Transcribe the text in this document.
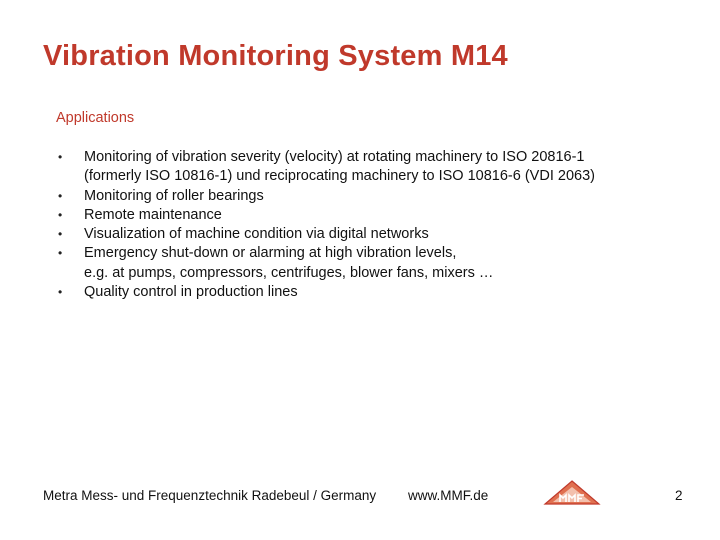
Vibration Monitoring System M14
Applications
• Monitoring of vibration severity (velocity) at rotating machinery to ISO 20816-1
(formerly ISO 10816-1) und reciprocating machinery to ISO 10816-6 (VDI 2063)
• Monitoring of roller bearings
• Remote maintenance
• Visualization of machine condition via digital networks
• Emergency shut-down or alarming at high vibration levels,
e.g. at pumps, compressors, centrifuges, blower fans, mixers …
• Quality control in production lines
Metra Mess- und Frequenztechnik Radebeul / Germany www.MMF.de	2
